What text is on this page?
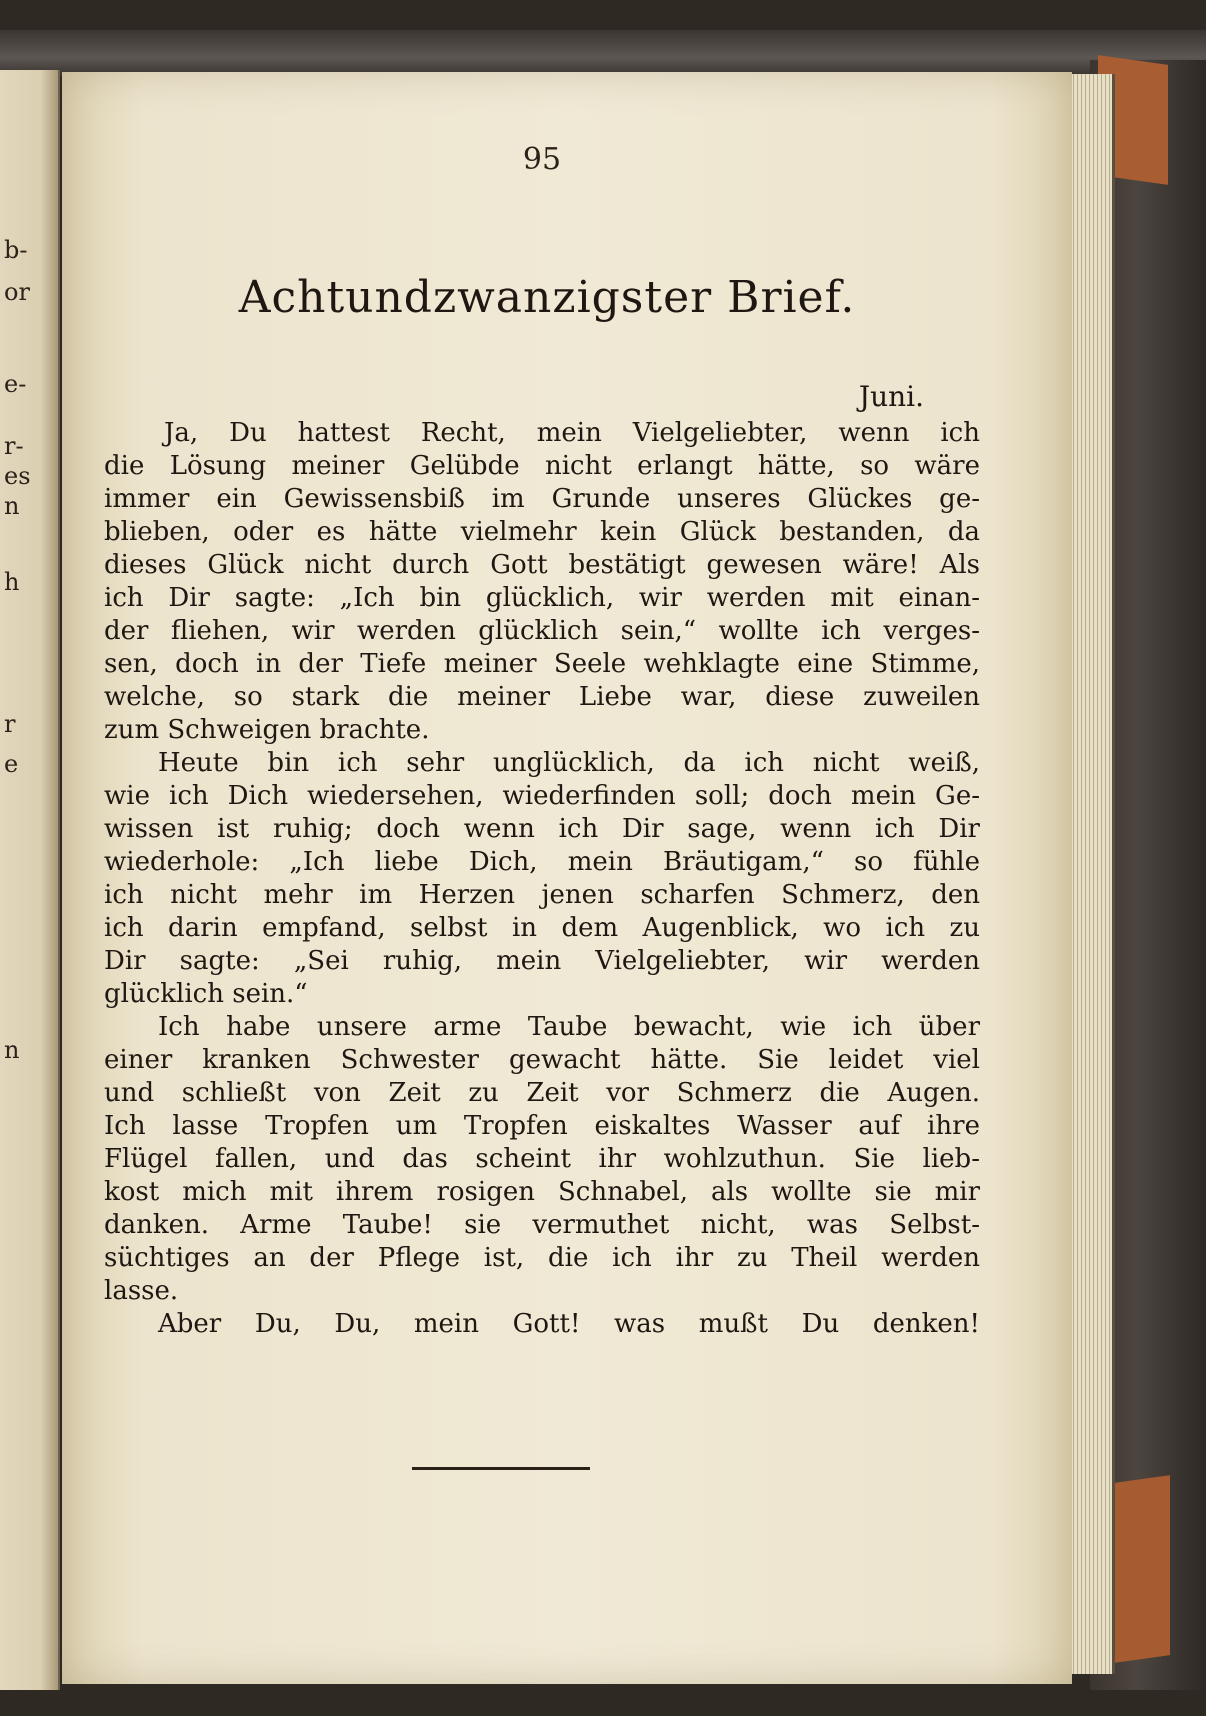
b-
or
e-
r-
es
n
h
r
e
n
95
Achtundzwanzigster Brief.
Juni.
Ja, Du hattest Recht, mein Vielgeliebter, wenn ich
die Lösung meiner Gelübde nicht erlangt hätte, so wäre
immer ein Gewissensbiß im Grunde unseres Glückes ge-
blieben, oder es hätte vielmehr kein Glück bestanden, da
dieses Glück nicht durch Gott bestätigt gewesen wäre! Als
ich Dir sagte: „Ich bin glücklich, wir werden mit einan-
der fliehen, wir werden glücklich sein,“ wollte ich verges-
sen, doch in der Tiefe meiner Seele wehklagte eine Stimme,
welche, so stark die meiner Liebe war, diese zuweilen
zum Schweigen brachte.
Heute bin ich sehr unglücklich, da ich nicht weiß,
wie ich Dich wiedersehen, wiederfinden soll; doch mein Ge-
wissen ist ruhig; doch wenn ich Dir sage, wenn ich Dir
wiederhole: „Ich liebe Dich, mein Bräutigam,“ so fühle
ich nicht mehr im Herzen jenen scharfen Schmerz, den
ich darin empfand, selbst in dem Augenblick, wo ich zu
Dir sagte: „Sei ruhig, mein Vielgeliebter, wir werden
glücklich sein.“
Ich habe unsere arme Taube bewacht, wie ich über
einer kranken Schwester gewacht hätte. Sie leidet viel
und schließt von Zeit zu Zeit vor Schmerz die Augen.
Ich lasse Tropfen um Tropfen eiskaltes Wasser auf ihre
Flügel fallen, und das scheint ihr wohlzuthun. Sie lieb-
kost mich mit ihrem rosigen Schnabel, als wollte sie mir
danken. Arme Taube! sie vermuthet nicht, was Selbst-
süchtiges an der Pflege ist, die ich ihr zu Theil werden
lasse.
Aber Du, Du, mein Gott! was mußt Du denken!
